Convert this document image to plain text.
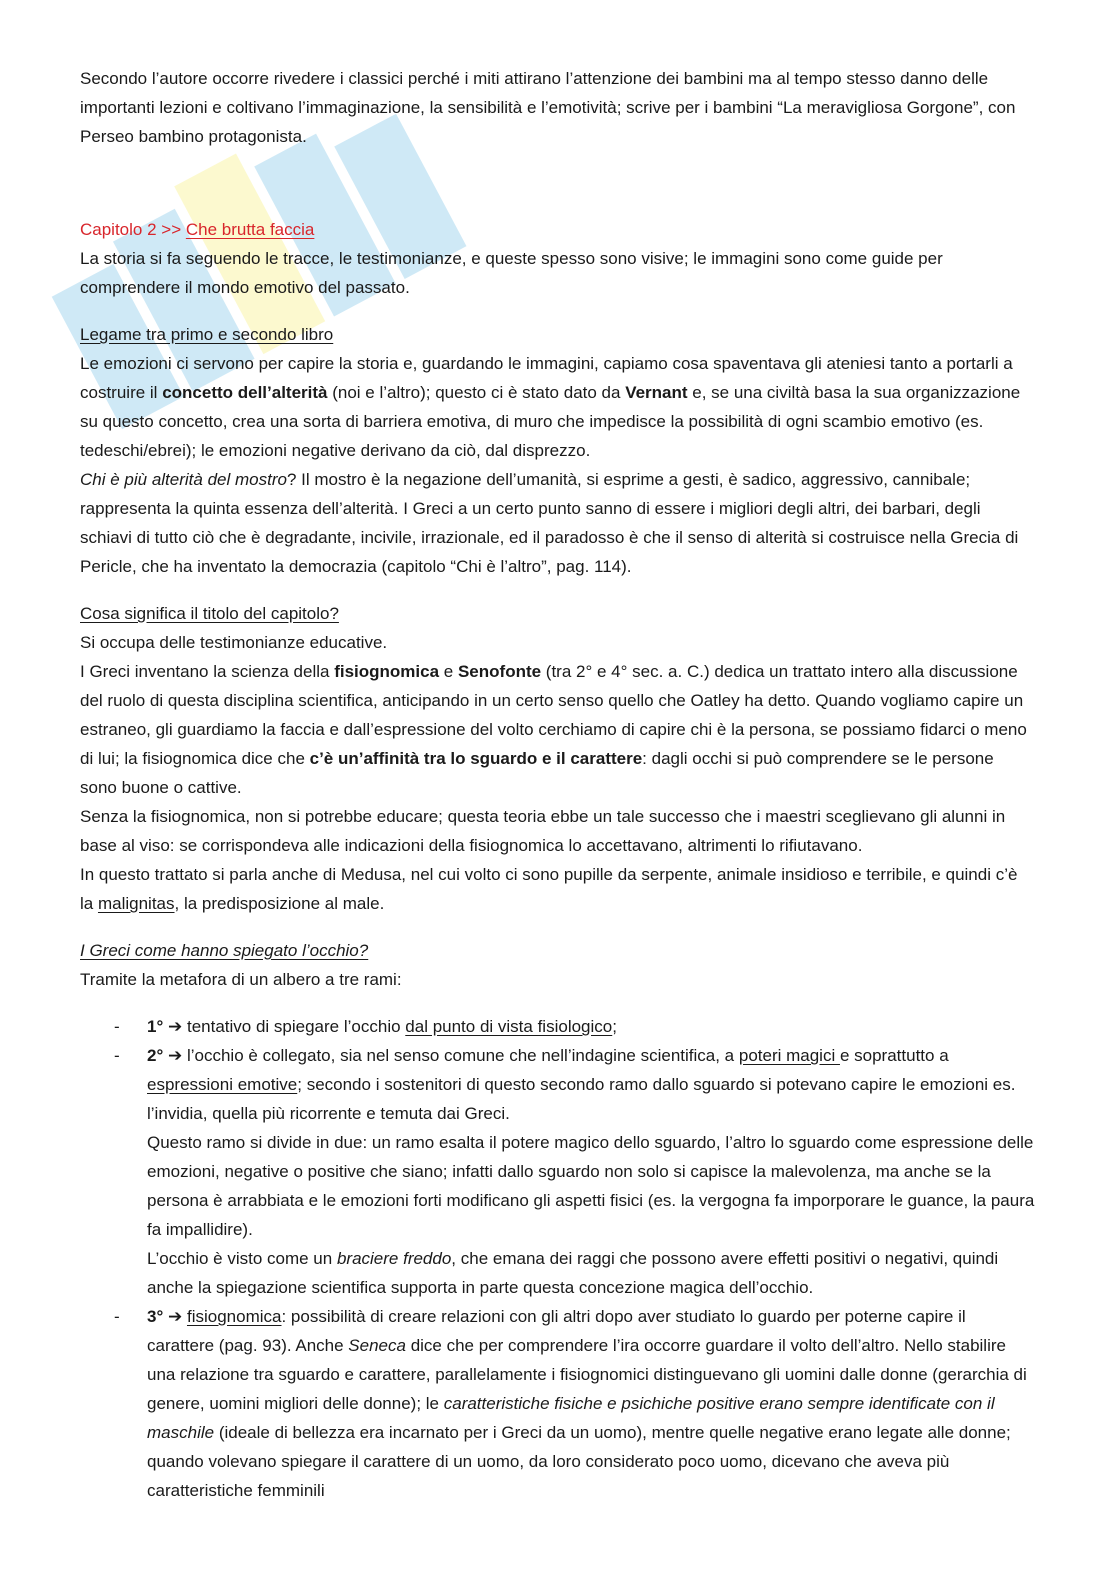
Secondo l’autore occorre rivedere i classici perché i miti attirano l’attenzione dei bambini ma al tempo stesso danno delle importanti lezioni e coltivano l’immaginazione, la sensibilità e l’emotività; scrive per i bambini “La meravigliosa Gorgone”, con Perseo bambino protagonista.

Capitolo 2 >> Che brutta faccia

La storia si fa seguendo le tracce, le testimonianze, e queste spesso sono visive; le immagini sono come guide per comprendere il mondo emotivo del passato.

Legame tra primo e secondo libro

Le emozioni ci servono per capire la storia e, guardando le immagini, capiamo cosa spaventava gli ateniesi tanto a portarli a costruire il concetto dell’alterità (noi e l’altro); questo ci è stato dato da Vernant e, se una civiltà basa la sua organizzazione su questo concetto, crea una sorta di barriera emotiva, di muro che impedisce la possibilità di ogni scambio emotivo (es. tedeschi/ebrei); le emozioni negative derivano da ciò, dal disprezzo.

Chi è più alterità del mostro? Il mostro è la negazione dell’umanità, si esprime a gesti, è sadico, aggressivo, cannibale; rappresenta la quinta essenza dell’alterità. I Greci a un certo punto sanno di essere i migliori degli altri, dei barbari, degli schiavi di tutto ciò che è degradante, incivile, irrazionale, ed il paradosso è che il senso di alterità si costruisce nella Grecia di Pericle, che ha inventato la democrazia (capitolo “Chi è l’altro”, pag. 114).

Cosa significa il titolo del capitolo?

Si occupa delle testimonianze educative.

I Greci inventano la scienza della fisiognomica e Senofonte (tra 2° e 4° sec. a. C.) dedica un trattato intero alla discussione del ruolo di questa disciplina scientifica, anticipando in un certo senso quello che Oatley ha detto. Quando vogliamo capire un estraneo, gli guardiamo la faccia e dall’espressione del volto cerchiamo di capire chi è la persona, se possiamo fidarci o meno di lui; la fisiognomica dice che c’è un’affinità tra lo sguardo e il carattere: dagli occhi si può comprendere se le persone sono buone o cattive.

Senza la fisiognomica, non si potrebbe educare; questa teoria ebbe un tale successo che i maestri sceglievano gli alunni in base al viso: se corrispondeva alle indicazioni della fisiognomica lo accettavano, altrimenti lo rifiutavano.

In questo trattato si parla anche di Medusa, nel cui volto ci sono pupille da serpente, animale insidioso e terribile, e quindi c’è la malignitas, la predisposizione al male.

I Greci come hanno spiegato l’occhio?

Tramite la metafora di un albero a tre rami:

- 1° ➔ tentativo di spiegare l’occhio dal punto di vista fisiologico;
- 2° ➔ l’occhio è collegato, sia nel senso comune che nell’indagine scientifica, a poteri magici e soprattutto a espressioni emotive; secondo i sostenitori di questo secondo ramo dallo sguardo si potevano capire le emozioni es. l’invidia, quella più ricorrente e temuta dai Greci.

Questo ramo si divide in due: un ramo esalta il potere magico dello sguardo, l’altro lo sguardo come espressione delle emozioni, negative o positive che siano; infatti dallo sguardo non solo si capisce la malevolenza, ma anche se la persona è arrabbiata e le emozioni forti modificano gli aspetti fisici (es. la vergogna fa imporporare le guance, la paura fa impallidire).

L’occhio è visto come un braciere freddo, che emana dei raggi che possono avere effetti positivi o negativi, quindi anche la spiegazione scientifica supporta in parte questa concezione magica dell’occhio.

- 3° ➔ fisiognomica: possibilità di creare relazioni con gli altri dopo aver studiato lo guardo per poterne capire il carattere (pag. 93). Anche Seneca dice che per comprendere l’ira occorre guardare il volto dell’altro. Nello stabilire una relazione tra sguardo e carattere, parallelamente i fisiognomici distinguevano gli uomini dalle donne (gerarchia di genere, uomini migliori delle donne); le caratteristiche fisiche e psichiche positive erano sempre identificate con il maschile (ideale di bellezza era incarnato per i Greci da un uomo), mentre quelle negative erano legate alle donne; quando volevano spiegare il carattere di un uomo, da loro considerato poco uomo, dicevano che aveva più caratteristiche femminili
